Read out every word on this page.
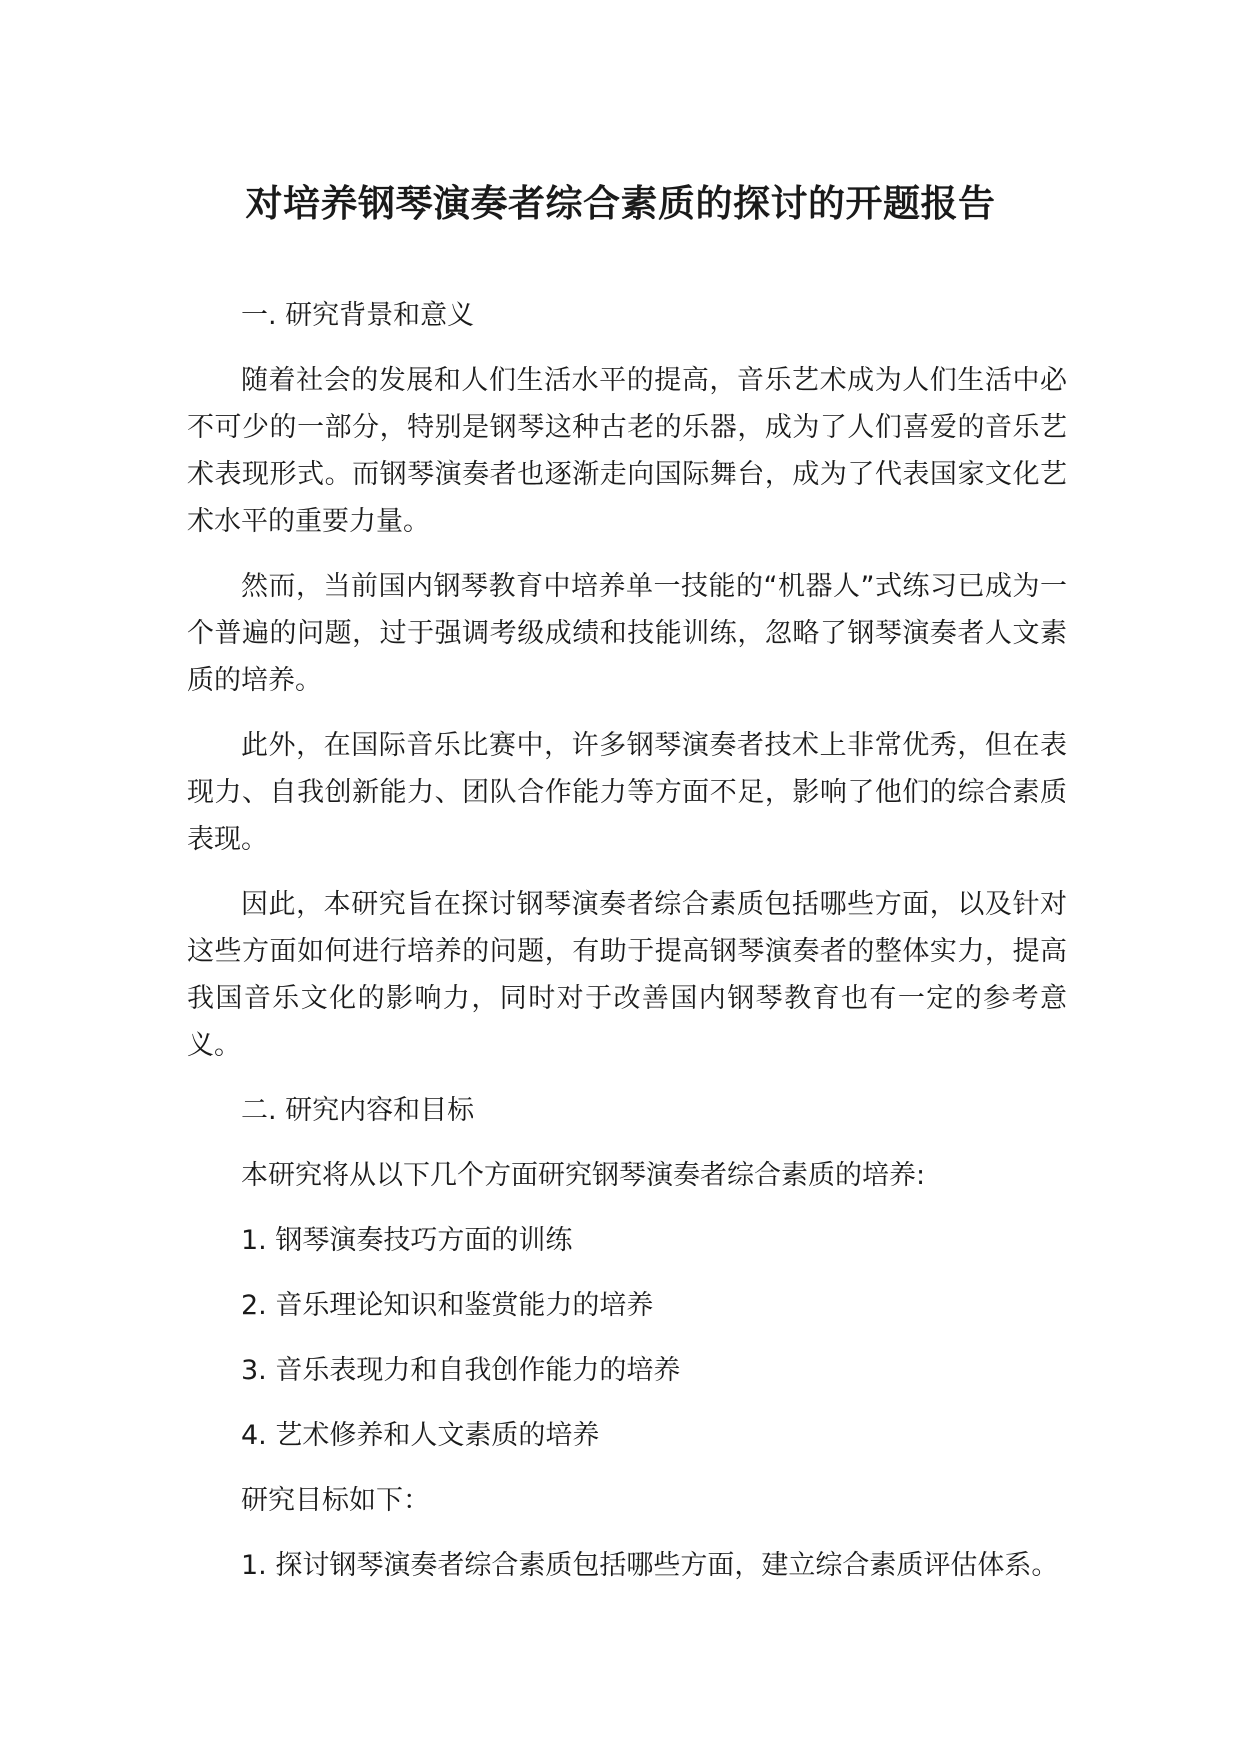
对培养钢琴演奏者综合素质的探讨的开题报告

一. 研究背景和意义

随着社会的发展和人们生活水平的提高，音乐艺术成为人们生活中必不可少的一部分，特别是钢琴这种古老的乐器，成为了人们喜爱的音乐艺术表现形式。而钢琴演奏者也逐渐走向国际舞台，成为了代表国家文化艺术水平的重要力量。

然而，当前国内钢琴教育中培养单一技能的“机器人”式练习已成为一个普遍的问题，过于强调考级成绩和技能训练，忽略了钢琴演奏者人文素质的培养。

此外，在国际音乐比赛中，许多钢琴演奏者技术上非常优秀，但在表现力、自我创新能力、团队合作能力等方面不足，影响了他们的综合素质表现。

因此，本研究旨在探讨钢琴演奏者综合素质包括哪些方面，以及针对这些方面如何进行培养的问题，有助于提高钢琴演奏者的整体实力，提高我国音乐文化的影响力，同时对于改善国内钢琴教育也有一定的参考意义。

二. 研究内容和目标

本研究将从以下几个方面研究钢琴演奏者综合素质的培养:

1. 钢琴演奏技巧方面的训练

2. 音乐理论知识和鉴赏能力的培养

3. 音乐表现力和自我创作能力的培养

4. 艺术修养和人文素质的培养

研究目标如下：

1. 探讨钢琴演奏者综合素质包括哪些方面，建立综合素质评估体系。
